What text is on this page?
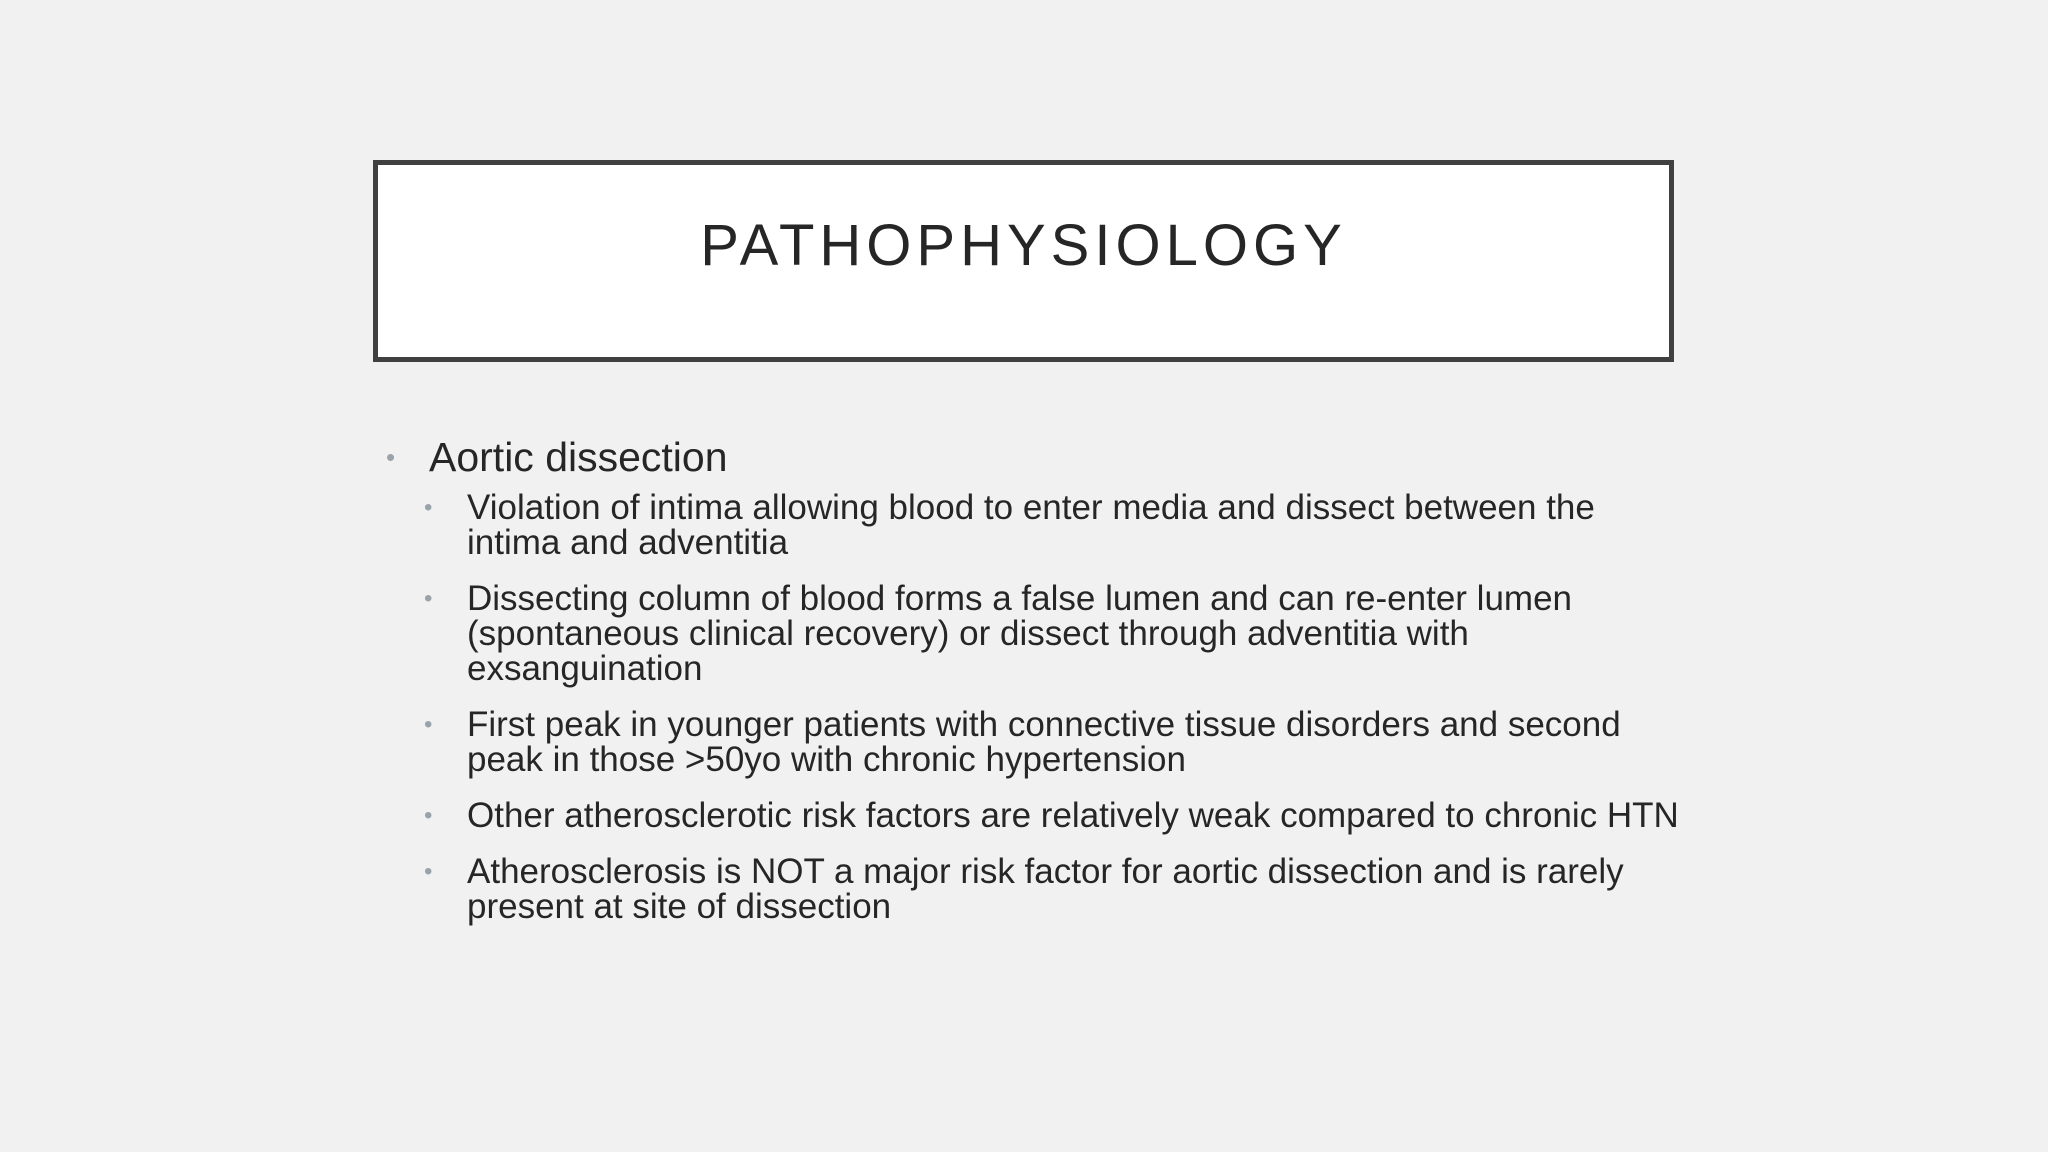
PATHOPHYSIOLOGY
• Aortic dissection
• Violation of intima allowing blood to enter media and dissect between the intima and adventitia
• Dissecting column of blood forms a false lumen and can re-enter lumen (spontaneous clinical recovery) or dissect through adventitia with exsanguination
• First peak in younger patients with connective tissue disorders and second peak in those >50yo with chronic hypertension
• Other atherosclerotic risk factors are relatively weak compared to chronic HTN
• Atherosclerosis is NOT a major risk factor for aortic dissection and is rarely present at site of dissection
